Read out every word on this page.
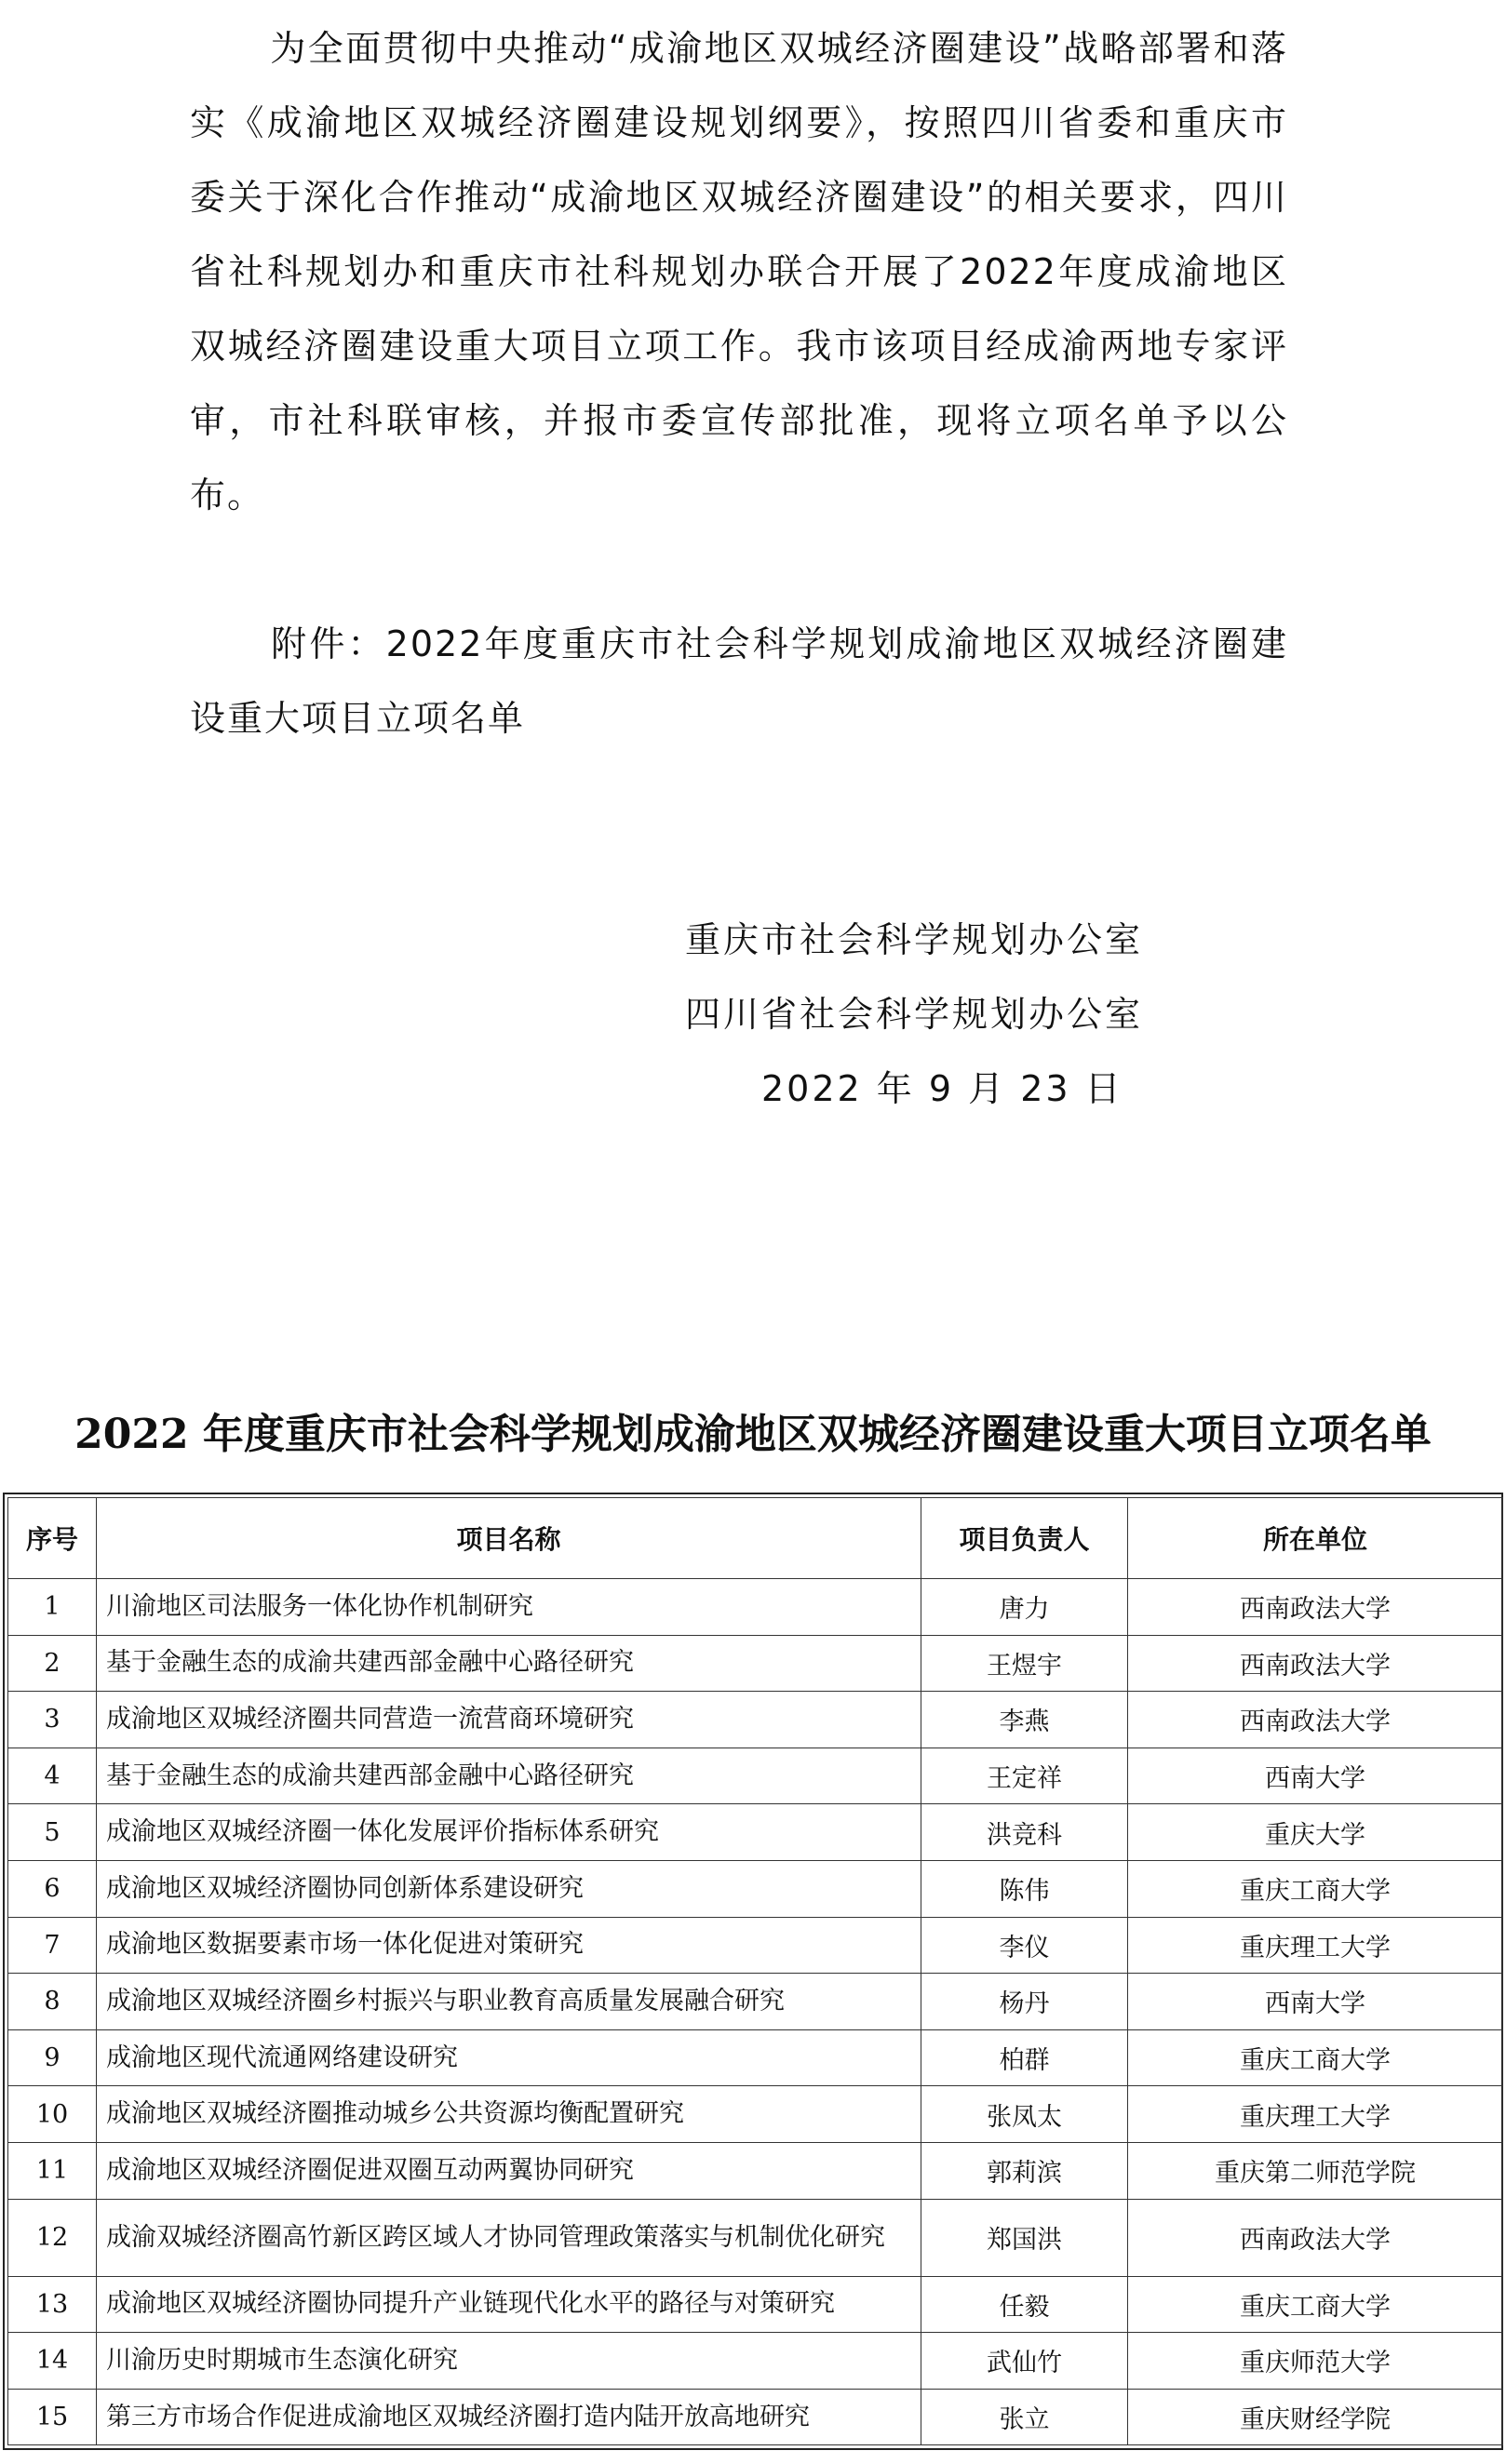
为全面贯彻中央推动“成渝地区双城经济圈建设”战略部署和落实《成渝地区双城经济圈建设规划纲要》，按照四川省委和重庆市委关于深化合作推动“成渝地区双城经济圈建设”的相关要求，四川省社科规划办和重庆市社科规划办联合开展了2022年度成渝地区双城经济圈建设重大项目立项工作。我市该项目经成渝两地专家评审，市社科联审核，并报市委宣传部批准，现将立项名单予以公布。

附件：2022年度重庆市社会科学规划成渝地区双城经济圈建设重大项目立项名单

重庆市社会科学规划办公室
四川省社会科学规划办公室
2022 年 9 月 23 日
2022 年度重庆市社会科学规划成渝地区双城经济圈建设重大项目立项名单
序号	项目名称	项目负责人	所在单位
1	川渝地区司法服务一体化协作机制研究	唐力	西南政法大学
2	基于金融生态的成渝共建西部金融中心路径研究	王煜宇	西南政法大学
3	成渝地区双城经济圈共同营造一流营商环境研究	李燕	西南政法大学
4	基于金融生态的成渝共建西部金融中心路径研究	王定祥	西南大学
5	成渝地区双城经济圈一体化发展评价指标体系研究	洪竞科	重庆大学
6	成渝地区双城经济圈协同创新体系建设研究	陈伟	重庆工商大学
7	成渝地区数据要素市场一体化促进对策研究	李仪	重庆理工大学
8	成渝地区双城经济圈乡村振兴与职业教育高质量发展融合研究	杨丹	西南大学
9	成渝地区现代流通网络建设研究	柏群	重庆工商大学
10	成渝地区双城经济圈推动城乡公共资源均衡配置研究	张凤太	重庆理工大学
11	成渝地区双城经济圈促进双圈互动两翼协同研究	郭莉滨	重庆第二师范学院
12	成渝双城经济圈高竹新区跨区域人才协同管理政策落实与机制优化研究	郑国洪	西南政法大学
13	成渝地区双城经济圈协同提升产业链现代化水平的路径与对策研究	任毅	重庆工商大学
14	川渝历史时期城市生态演化研究	武仙竹	重庆师范大学
15	第三方市场合作促进成渝地区双城经济圈打造内陆开放高地研究	张立	重庆财经学院
